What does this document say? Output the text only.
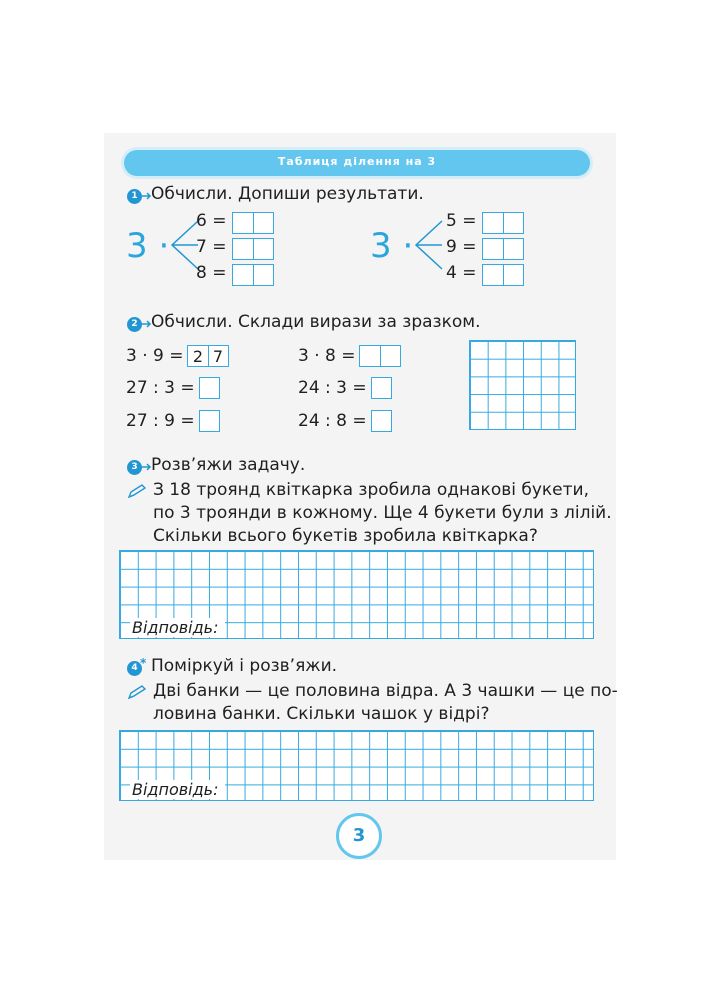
Таблиця ділення на 3
1 Обчисли. Допиши результати.
3 ·
6 =
7 =
8 =
3 ·
5 =
9 =
4 =
2 Обчисли. Склади вирази за зразком.
3 · 9 = 2 7
27 : 3 =
27 : 9 =
3 · 8 =
24 : 3 =
24 : 8 =
3 Розв’яжи задачу.
З 18 троянд квіткарка зробила однакові букети,
по 3 троянди в кожному. Ще 4 букети були з лілій.
Скільки всього букетів зробила квіткарка?
Відповідь:
4 * Поміркуй і розв’яжи.
Дві банки — це половина відра. А 3 чашки — це по-
ловина банки. Скільки чашок у відрі?
Відповідь:
3
